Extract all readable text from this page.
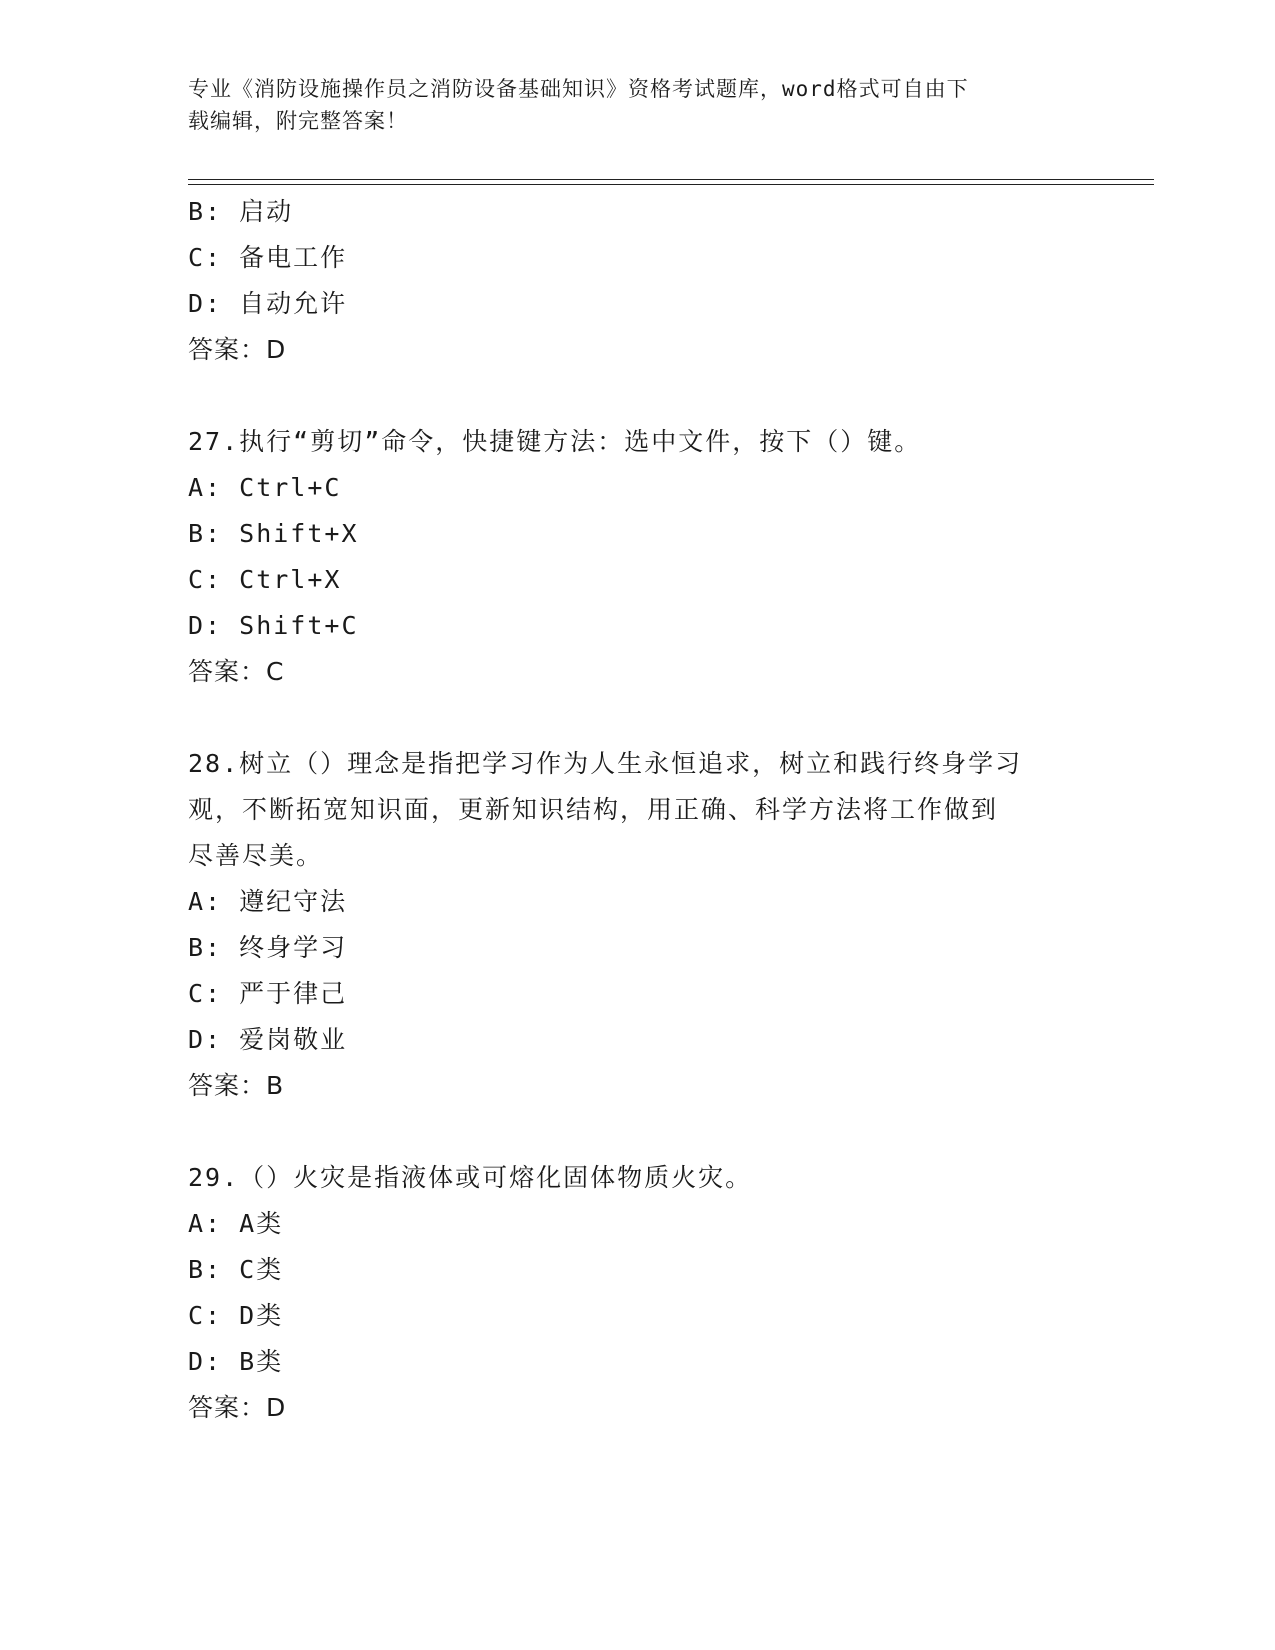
专业《消防设施操作员之消防设备基础知识》资格考试题库，word格式可自由下
载编辑，附完整答案！
B: 启动
C: 备电工作
D: 自动允许
答案：D
27.执行“剪切”命令，快捷键方法：选中文件，按下（）键。
A: Ctrl+C
B: Shift+X
C: Ctrl+X
D: Shift+C
答案：C
28.树立（）理念是指把学习作为人生永恒追求，树立和践行终身学习
观，不断拓宽知识面，更新知识结构，用正确、科学方法将工作做到
尽善尽美。
A: 遵纪守法
B: 终身学习
C: 严于律己
D: 爱岗敬业
答案：B
29.（）火灾是指液体或可熔化固体物质火灾。
A: A类
B: C类
C: D类
D: B类
答案：D
